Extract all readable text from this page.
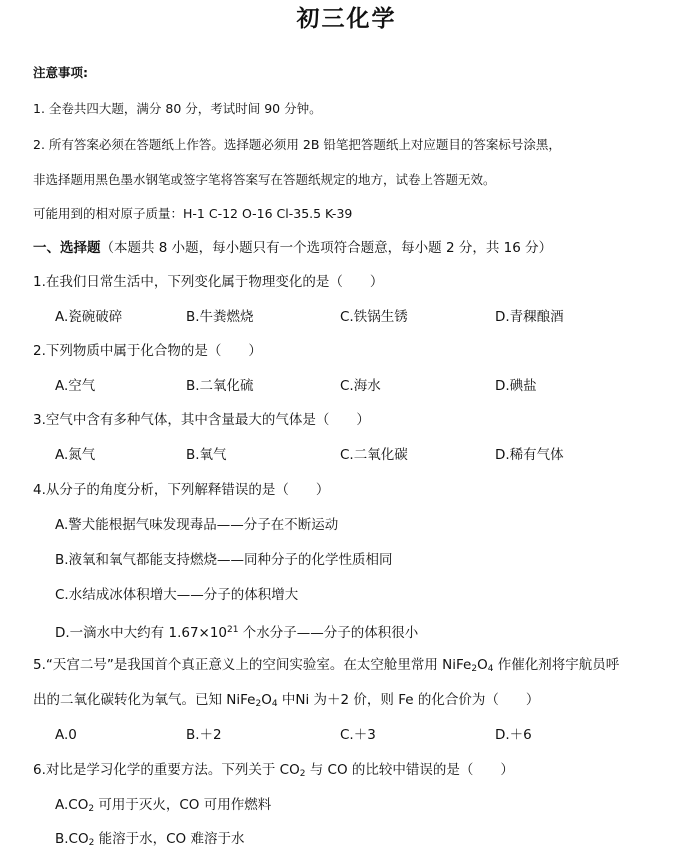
初三化学
注意事项:
1. 全卷共四大题，满分 80 分，考试时间 90 分钟。
2. 所有答案必须在答题纸上作答。选择题必须用 2B 铅笔把答题纸上对应题目的答案标号涂黑，
非选择题用黑色墨水钢笔或签字笔将答案写在答题纸规定的地方，试卷上答题无效。
可能用到的相对原子质量：H-1 C-12 O-16 Cl-35.5 K-39
一、选择题（本题共 8 小题，每小题只有一个选项符合题意，每小题 2 分，共 16 分）
1.在我们日常生活中，下列变化属于物理变化的是（　　）
A.瓷碗破碎	B.牛粪燃烧	C.铁锅生锈	D.青稞酿酒
2.下列物质中属于化合物的是（　　）
A.空气	B.二氧化硫	C.海水	D.碘盐
3.空气中含有多种气体，其中含量最大的气体是（　　）
A.氮气	B.氧气	C.二氧化碳	D.稀有气体
4.从分子的角度分析，下列解释错误的是（　　）
A.警犬能根据气味发现毒品——分子在不断运动
B.液氧和氧气都能支持燃烧——同种分子的化学性质相同
C.水结成冰体积增大——分子的体积增大
D.一滴水中大约有 $1.67\times 10^{21}$ 个水分子——分子的体积很小
5.“天宫二号”是我国首个真正意义上的空间实验室。在太空舱里常用 $NiFe_2O_4$ 作催化剂将宇航员呼
出的二氧化碳转化为氧气。已知 $NiFe_2O_4$ 中Ni 为＋2 价，则 Fe 的化合价为（　　）
A.0	B.＋2	C.＋3	D.＋6
6.对比是学习化学的重要方法。下列关于 $CO_2$ 与 CO 的比较中错误的是（　　）
$A.CO_2$ 可用于灭火，CO 可用作燃料
$B.CO_2$ 能溶于水，CO 难溶于水
